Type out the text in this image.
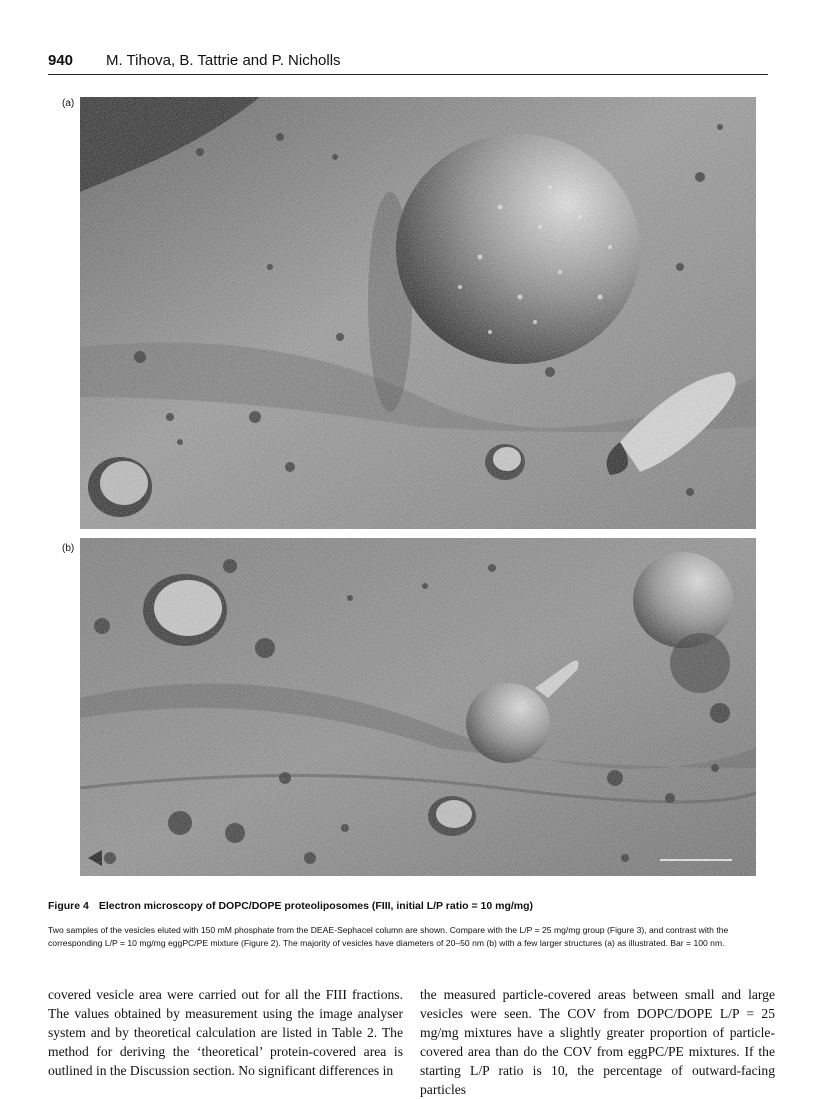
940 M. Tihova, B. Tattrie and P. Nicholls
(a)
(b)

Figure 4 Electron microscopy of DOPC/DOPE proteoliposomes (FIII, initial L/P ratio = 10 mg/mg)

Two samples of the vesicles eluted with 150 mM phosphate from the DEAE-Sephacel column are shown. Compare with the L/P = 25 mg/mg group (Figure 3), and contrast with the corresponding L/P = 10 mg/mg eggPC/PE mixture (Figure 2). The majority of vesicles have diameters of 20–50 nm (b) with a few larger structures (a) as illustrated. Bar = 100 nm.

covered vesicle area were carried out for all the FIII fractions. The values obtained by measurement using the image analyser system and by theoretical calculation are listed in Table 2. The method for deriving the ‘theoretical’ protein-covered area is outlined in the Discussion section. No significant differences in

the measured particle-covered areas between small and large vesicles were seen. The COV from DOPC/DOPE L/P = 25 mg/mg mixtures have a slightly greater proportion of particle-covered area than do the COV from eggPC/PE mixtures. If the starting L/P ratio is 10, the percentage of outward-facing particles
